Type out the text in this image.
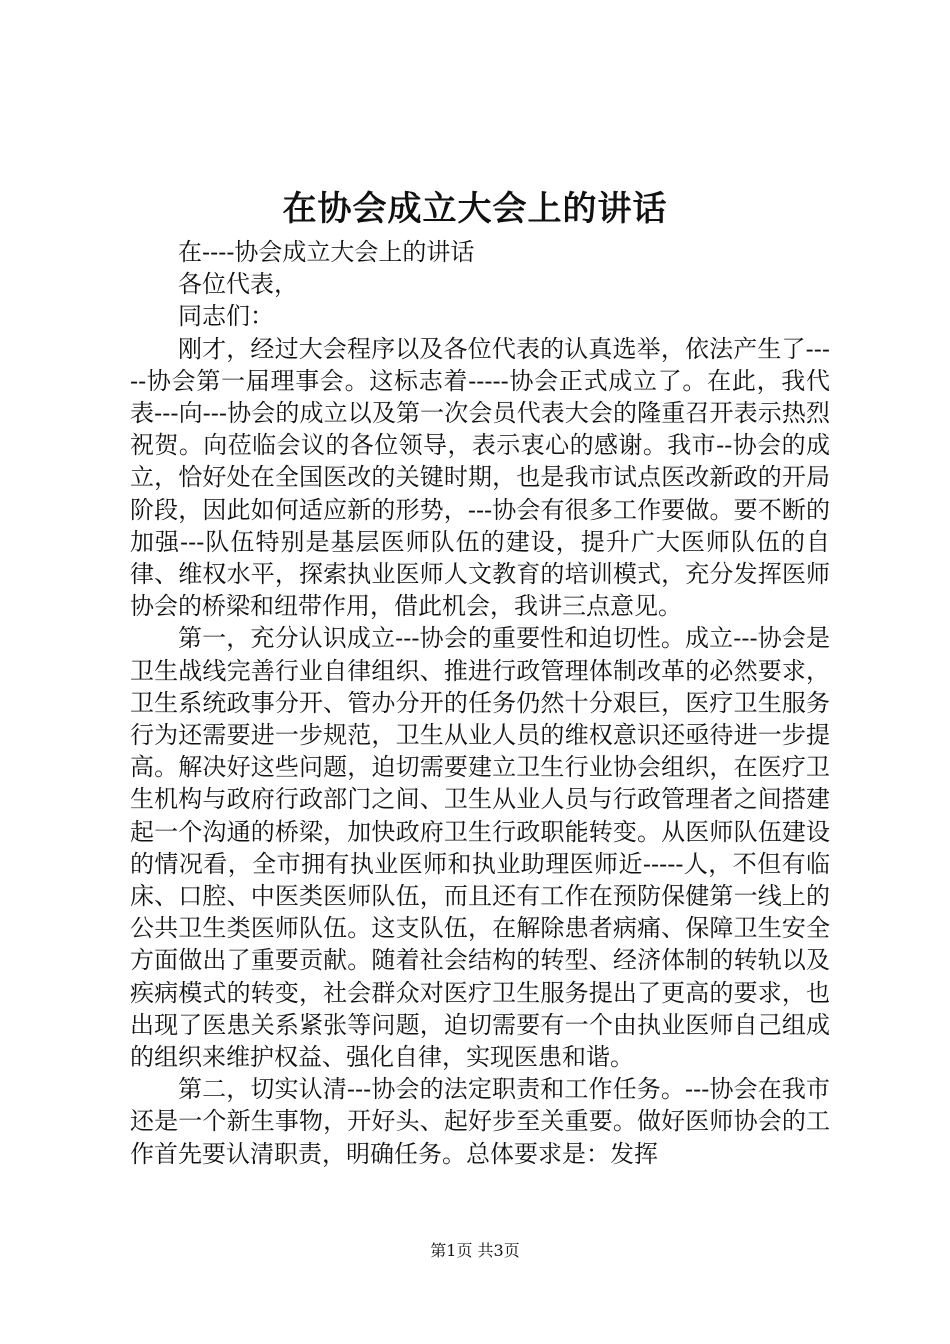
在协会成立大会上的讲话

在----协会成立大会上的讲话

各位代表，

同志们：

刚才，经过大会程序以及各位代表的认真选举，依法产生了-----协会第一届理事会。这标志着-----协会正式成立了。在此，我代表---向---协会的成立以及第一次会员代表大会的隆重召开表示热烈祝贺。向莅临会议的各位领导，表示衷心的感谢。我市--协会的成立，恰好处在全国医改的关键时期，也是我市试点医改新政的开局阶段，因此如何适应新的形势，---协会有很多工作要做。要不断的加强---队伍特别是基层医师队伍的建设，提升广大医师队伍的自律、维权水平，探索执业医师人文教育的培训模式，充分发挥医师协会的桥梁和纽带作用，借此机会，我讲三点意见。

第一，充分认识成立---协会的重要性和迫切性。成立---协会是卫生战线完善行业自律组织、推进行政管理体制改革的必然要求，卫生系统政事分开、管办分开的任务仍然十分艰巨，医疗卫生服务行为还需要进一步规范，卫生从业人员的维权意识还亟待进一步提高。解决好这些问题，迫切需要建立卫生行业协会组织，在医疗卫生机构与政府行政部门之间、卫生从业人员与行政管理者之间搭建起一个沟通的桥梁，加快政府卫生行政职能转变。从医师队伍建设的情况看，全市拥有执业医师和执业助理医师近-----人，不但有临床、口腔、中医类医师队伍，而且还有工作在预防保健第一线上的公共卫生类医师队伍。这支队伍，在解除患者病痛、保障卫生安全方面做出了重要贡献。随着社会结构的转型、经济体制的转轨以及疾病模式的转变，社会群众对医疗卫生服务提出了更高的要求，也出现了医患关系紧张等问题，迫切需要有一个由执业医师自己组成的组织来维护权益、强化自律，实现医患和谐。

第二，切实认清---协会的法定职责和工作任务。---协会在我市还是一个新生事物，开好头、起好步至关重要。做好医师协会的工作首先要认清职责，明确任务。总体要求是：发挥

第1页 共3页
